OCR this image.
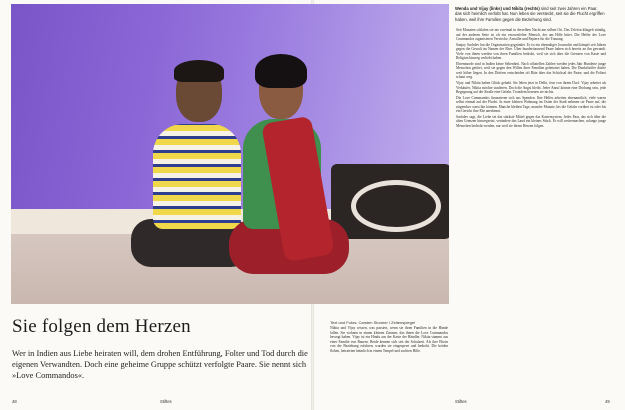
Wenda und Vijay (links) und Nikita (rechts) sind seit zwei Jahren ein Paar, das sich heimlich verlobt hat. Nun leben sie versteckt, seit sie die Flucht ergriffen haben, weil ihre Familien gegen die Beziehung sind.
Seit Monaten schlafen sie nie zweimal in derselben Nacht am selben Ort. Das Telefon klingelt ständig, auf der anderen Seite ist oft ein verzweifelter Mensch, der um Hilfe bittet. Die Helfer der Love Commandos organisieren Verstecke, Anwälte und Papiere für die Trauung.
Sanjoy Sachdev hat die Organisation gegründet. Er ist ein ehemaliger Journalist und kämpft seit Jahren gegen die Gewalt im Namen der Ehre. Über hunderttausend Paare haben sich bereits an ihn gewandt. Viele von ihnen werden von ihren Familien bedroht, weil sie sich über die Grenzen von Kaste und Religion hinweg verliebt haben.
Ehrenmorde sind in Indien keine Seltenheit. Nach offiziellen Zahlen werden jedes Jahr Hunderte junge Menschen getötet, weil sie gegen den Willen ihrer Familien geheiratet haben. Die Dunkelziffer dürfte weit höher liegen. In den Dörfern entscheiden oft Räte über das Schicksal der Paare, und die Polizei schaut weg.
Vijay und Nikita haben Glück gehabt. Sie leben jetzt in Delhi, fern von ihrem Dorf. Vijay arbeitet als Verkäufer, Nikita möchte studieren. Doch die Angst bleibt. Jeder Anruf könnte eine Drohung sein, jede Begegnung auf der Straße eine Gefahr. Trotzdem bereuen sie nichts.
Die Love Commandos finanzieren sich aus Spenden. Ihre Helfer arbeiten ehrenamtlich, viele waren selbst einmal auf der Flucht. In einer kleinen Wohnung im Osten der Stadt nehmen sie Paare auf, die nirgendwo sonst hin können. Manche bleiben Tage, manche Monate, bis die Gefahr vorüber ist oder bis ein Gericht ihre Ehe anerkennt.
Sachdev sagt, die Liebe sei das stärkste Mittel gegen das Kastensystem. Jedes Paar, das sich über die alten Grenzen hinwegsetzt, verändere das Land ein kleines Stück. Er will weitermachen, solange junge Menschen bedroht werden, nur weil sie ihrem Herzen folgen.
Sie folgen dem Herzen
Wer in Indien aus Liebe heiraten will, dem drohen Entführung, Folter und Tod durch die eigenen Verwandten. Doch eine geheime Gruppe schützt verfolgte Paare. Sie nennt sich »Love Commandos«.
Text und Fotos: Carsten Stormer / Zeitenspiegel
Nikita und Vijay wissen, was passiert, wenn sie ihren Familien in die Hände fallen. Sie wohnen in einem kleinen Zimmer, das ihnen die Love Commandos besorgt haben. Vijay ist ein Hindu aus der Kaste der Händler, Nikita stammt aus einer Familie von Bauern. Beide kennen sich seit der Schulzeit. Als ihre Eltern von der Beziehung erfuhren, wurden sie eingesperrt und bedroht. Die beiden flohen, heirateten heimlich in einem Tempel und suchten Hilfe.
48	Stiftes	Stiftes	49
